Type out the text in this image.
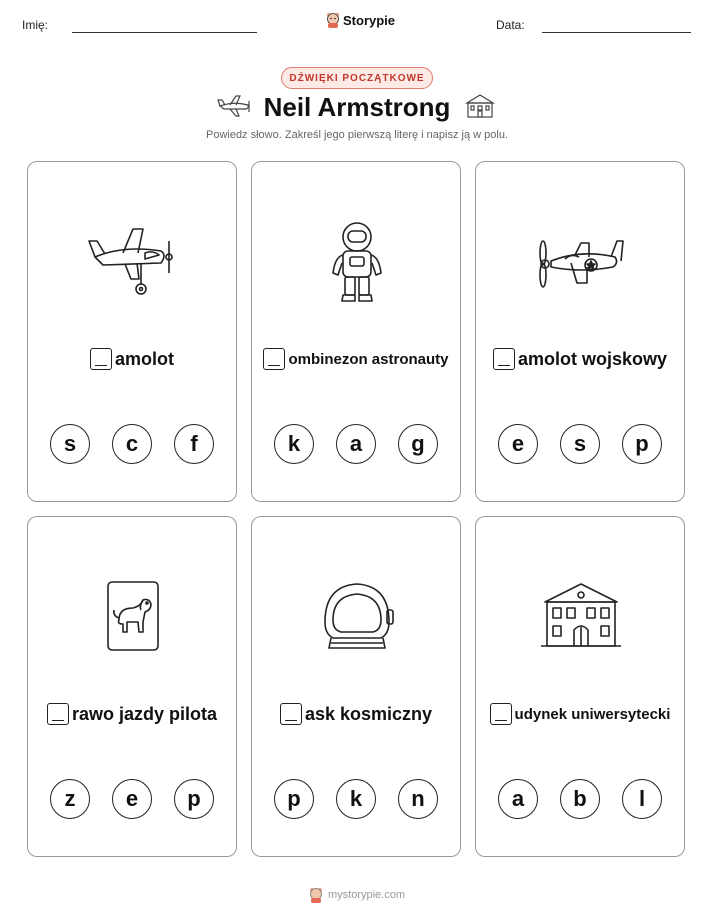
Imię:	Storypie	Data:
DŹWIĘKI POCZĄTKOWE
Neil Armstrong
Powiedz słowo. Zakreśl jego pierwszą literę i napisz ją w polu.
amolot
s	c	f
ombinezon astronauty
k	a	g
amolot wojskowy
e	s	p
rawo jazdy pilota
z	e	p
ask kosmiczny
p	k	n
udynek uniwersytecki
a	b	l
mystorypie.com
